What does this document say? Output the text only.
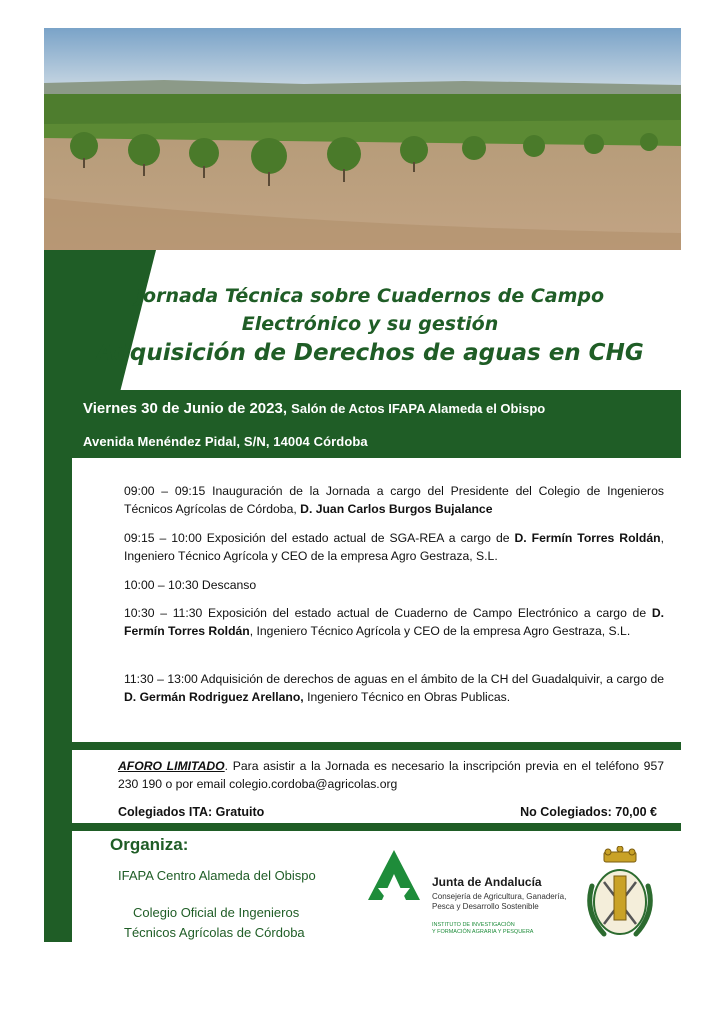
Jornada Técnica sobre Cuadernos de Campo
Electrónico y su gestión
Adquisición de Derechos de aguas en CHG
Viernes 30 de Junio de 2023, Salón de Actos IFAPA Alameda el Obispo
Avenida Menéndez Pidal, S/N, 14004 Córdoba
09:00 – 09:15 Inauguración de la Jornada a cargo del Presidente del Colegio de Ingenieros Técnicos Agrícolas de Córdoba, D. Juan Carlos Burgos Bujalance
09:15 – 10:00 Exposición del estado actual de SGA-REA a cargo de D. Fermín Torres Roldán, Ingeniero Técnico Agrícola y CEO de la empresa Agro Gestraza, S.L.
10:00 – 10:30 Descanso
10:30 – 11:30 Exposición del estado actual de Cuaderno de Campo Electrónico a cargo de D. Fermín Torres Roldán, Ingeniero Técnico Agrícola y CEO de la empresa Agro Gestraza, S.L.
11:30 – 13:00 Adquisición de derechos de aguas en el ámbito de la CH del Guadalquivir, a cargo de D. Germán Rodriguez Arellano, Ingeniero Técnico en Obras Publicas.
AFORO LIMITADO. Para asistir a la Jornada es necesario la inscripción previa en el teléfono 957 230 190 o por email colegio.cordoba@agricolas.org
Colegiados ITA: Gratuito	No Colegiados: 70,00 €
Organiza:
IFAPA Centro Alameda del Obispo
Colegio Oficial de Ingenieros
Técnicos Agrícolas de Córdoba
Junta de Andalucía
Consejería de Agricultura, Ganadería,
Pesca y Desarrollo Sostenible
INSTITUTO DE INVESTIGACIÓN
Y FORMACIÓN AGRARIA Y PESQUERA
